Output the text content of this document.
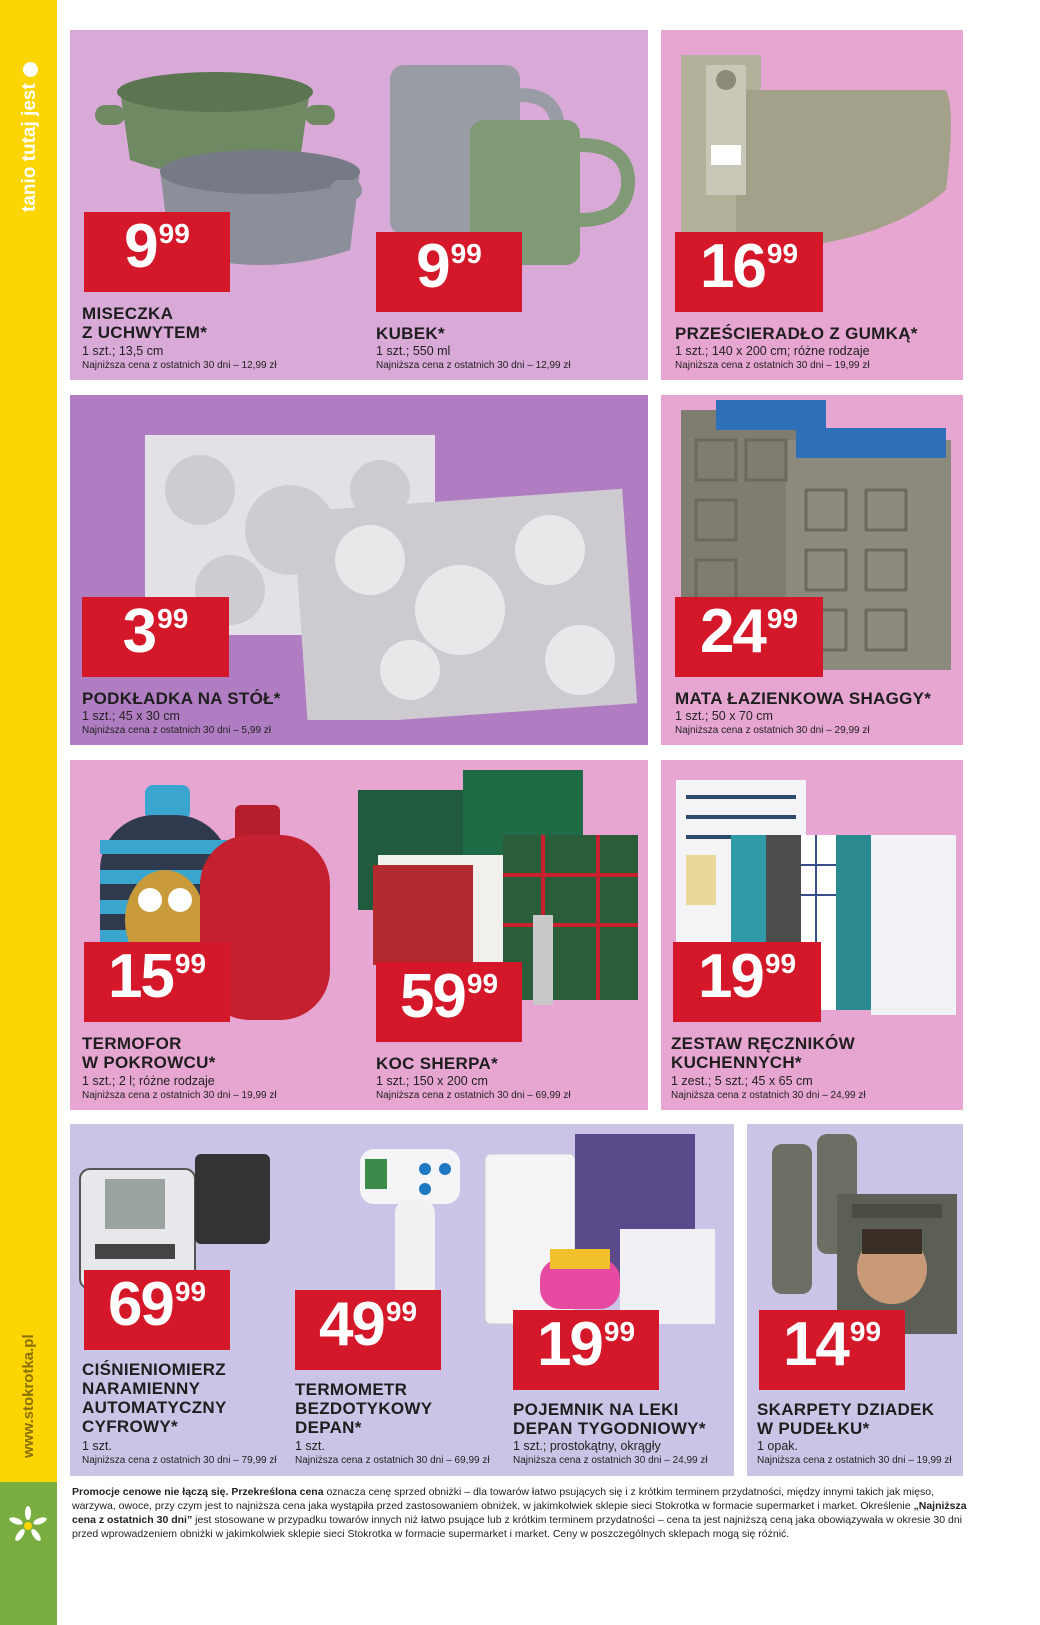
tanio tutaj jest
www.stokrotka.pl
9 99	9 99
MISECZKA
Z UCHWYTEM*
1 szt.; 13,5 cm
Najniższa cena z ostatnich 30 dni – 12,99 zł
KUBEK*
1 szt.; 550 ml
Najniższa cena z ostatnich 30 dni – 12,99 zł
16 99
PRZEŚCIERADŁO Z GUMKĄ*
1 szt.; 140 x 200 cm; różne rodzaje
Najniższa cena z ostatnich 30 dni – 19,99 zł
3 99
PODKŁADKA NA STÓŁ*
1 szt.; 45 x 30 cm
Najniższa cena z ostatnich 30 dni – 5,99 zł
24 99
MATA ŁAZIENKOWA SHAGGY*
1 szt.; 50 x 70 cm
Najniższa cena z ostatnich 30 dni – 29,99 zł
15 99	59 99
TERMOFOR
W POKROWCU*
1 szt.; 2 l; różne rodzaje
Najniższa cena z ostatnich 30 dni – 19,99 zł
KOC SHERPA*
1 szt.; 150 x 200 cm
Najniższa cena z ostatnich 30 dni – 69,99 zł
19 99
ZESTAW RĘCZNIKÓW
KUCHENNYCH*
1 zest.; 5 szt.; 45 x 65 cm
Najniższa cena z ostatnich 30 dni – 24,99 zł
69 99 49 99 19 99
CIŚNIENIOMIERZ
NARAMIENNY
AUTOMATYCZNY
CYFROWY*
1 szt.
Najniższa cena z ostatnich 30 dni – 79,99 zł
TERMOMETR
BEZDOTYKOWY
DEPAN*
1 szt.
Najniższa cena z ostatnich 30 dni – 69,99 zł
POJEMNIK NA LEKI
DEPAN TYGODNIOWY*
1 szt.; prostokątny, okrągły
Najniższa cena z ostatnich 30 dni – 24,99 zł
14 99
SKARPETY DZIADEK
W PUDEŁKU*
1 opak.
Najniższa cena z ostatnich 30 dni – 19,99 zł
Promocje cenowe nie łączą się. Przekreślona cena oznacza cenę sprzed obniżki – dla towarów łatwo psujących się i z krótkim terminem przydatności, między innymi takich jak mięso, warzywa, owoce, przy czym jest to najniższa cena jaka wystąpiła przed zastosowaniem obniżek, w jakimkolwiek sklepie sieci Stokrotka w formacie supermarket i market. Określenie „Najniższa cena z ostatnich 30 dni” jest stosowane w przypadku towarów innych niż łatwo psujące lub z krótkim terminem przydatności – cena ta jest najniższą ceną jaka obowiązywała w okresie 30 dni przed wprowadzeniem obniżki w jakimkolwiek sklepie sieci Stokrotka w formacie supermarket i market. Ceny w poszczególnych sklepach mogą się różnić.
